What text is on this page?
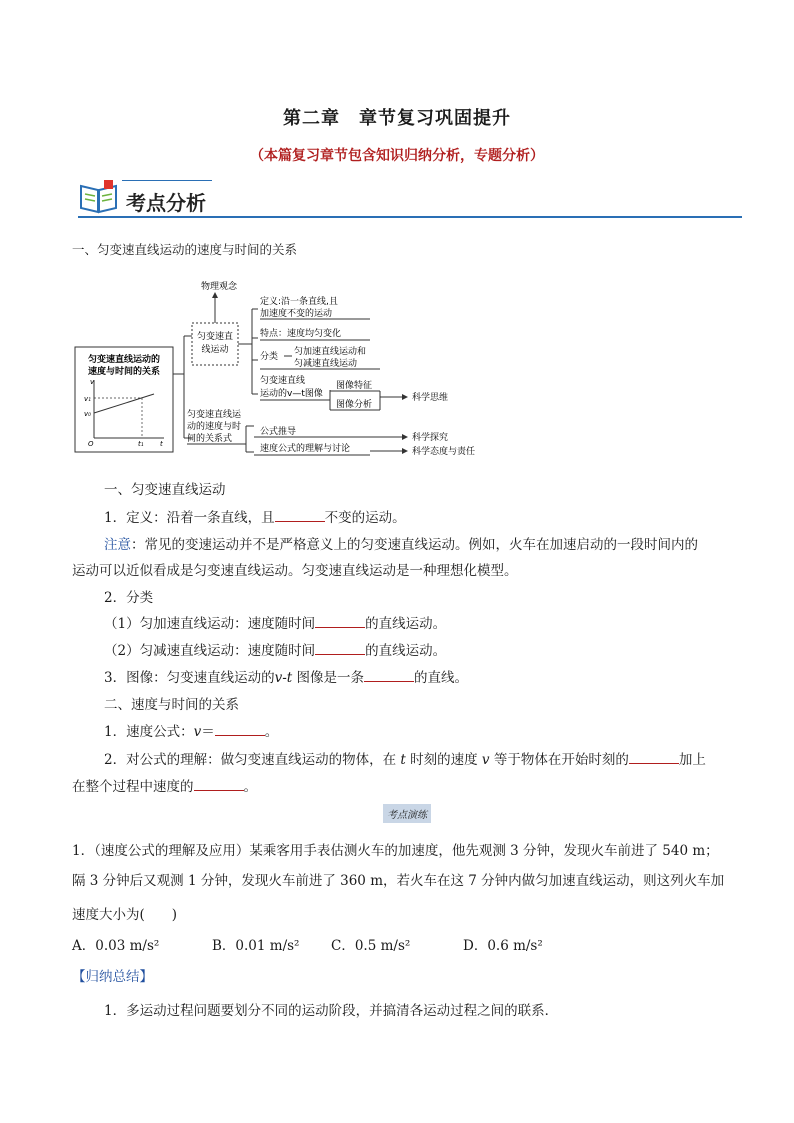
第二章　章节复习巩固提升
（本篇复习章节包含知识归纳分析，专题分析）
考点分析
一、匀变速直线运动的速度与时间的关系
匀变速直线运动的
速度与时间的关系
v
v₁
v₀
O	t₁ t
物理观念
匀变速直
线运动
定义:沿一条直线,且
加速度不变的运动
特点：速度均匀变化
分类 匀加速直线运动和
匀减速直线运动
匀变速直线
运动的v—t图像
图像特征
图像分析
科学思维
匀变速直线运
动的速度与时
间的关系式
公式推导
科学探究
速度公式的理解与讨论	科学态度与责任
一、匀变速直线运动
1．定义：沿着一条直线，且	不变的运动。
注意：常见的变速运动并不是严格意义上的匀变速直线运动。例如，火车在加速启动的一段时间内的
运动可以近似看成是匀变速直线运动。匀变速直线运动是一种理想化模型。
2．分类
（1）匀加速直线运动：速度随时间	的直线运动。
（2）匀减速直线运动：速度随时间	的直线运动。
3．图像：匀变速直线运动的v-t 图像是一条	的直线。
二、速度与时间的关系
1．速度公式：v＝	。
2．对公式的理解：做匀变速直线运动的物体，在 t 时刻的速度 v 等于物体在开始时刻的	加上
在整个过程中速度的	。
考点演练
1．（速度公式的理解及应用）某乘客用手表估测火车的加速度，他先观测 3 分钟，发现火车前进了 540 m；
隔 3 分钟后又观测 1 分钟，发现火车前进了 360 m，若火车在这 7 分钟内做匀加速直线运动，则这列火车加
速度大小为(　　)
A．0.03 m/s²	B．0.01 m/s² C．0.5 m/s²	D．0.6 m/s²
【归纳总结】
1．多运动过程问题要划分不同的运动阶段，并搞清各运动过程之间的联系．
